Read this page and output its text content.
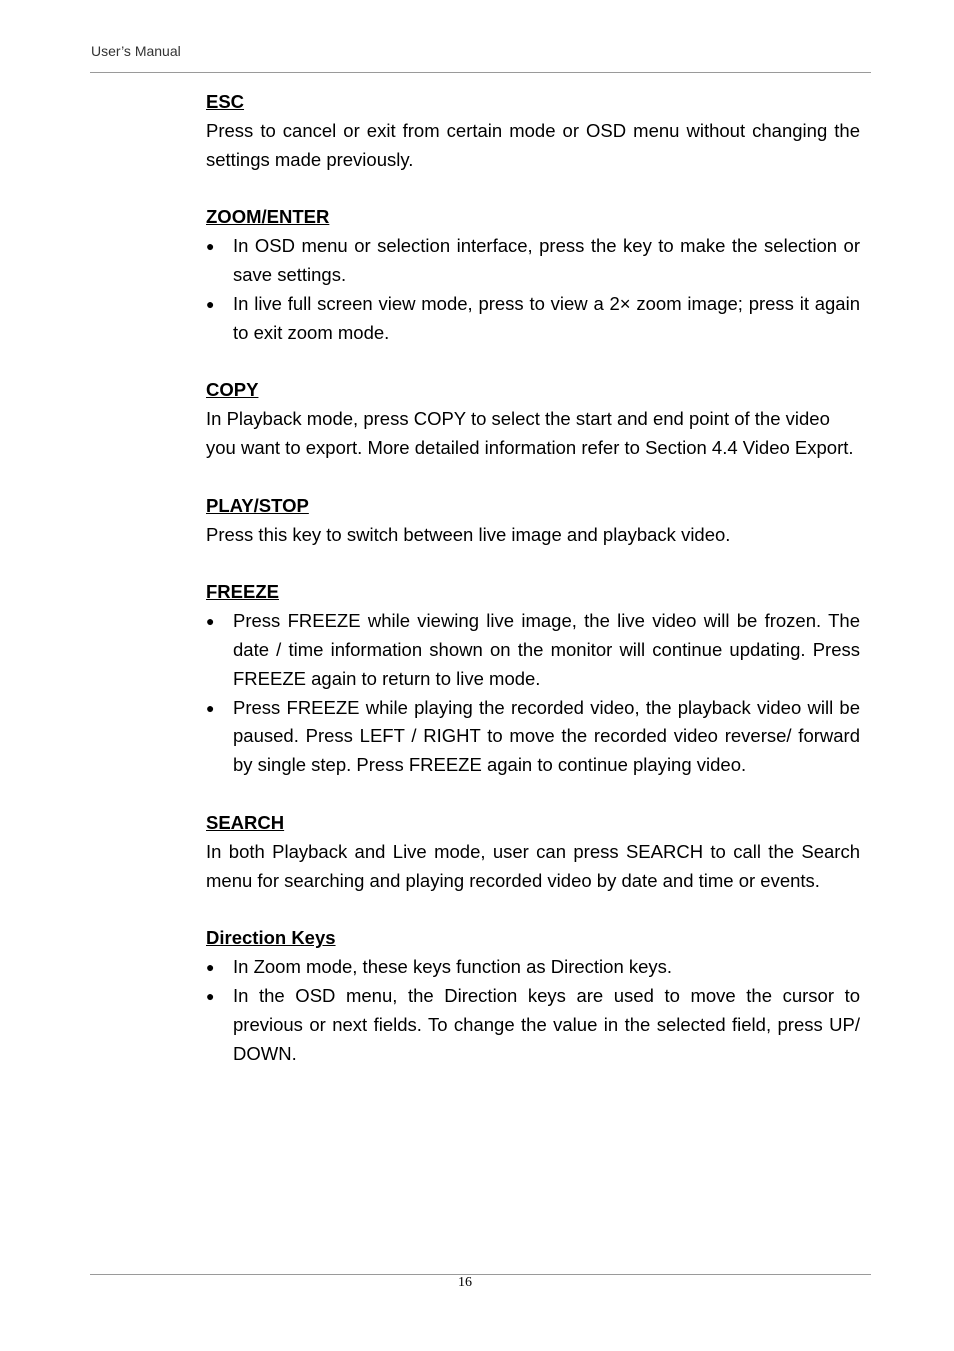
User’s Manual
ESC

Press to cancel or exit from certain mode or OSD menu without changing the settings made previously.

ZOOM/ENTER
● In OSD menu or selection interface, press the key to make the selection or save settings.
● In live full screen view mode, press to view a 2× zoom image; press it again to exit zoom mode.
COPY

In Playback mode, press COPY to select the start and end point of the video you want to export. More detailed information refer to Section 4.4 Video Export.

PLAY/STOP

Press this key to switch between live image and playback video.

FREEZE
● Press FREEZE while viewing live image, the live video will be frozen. The date / time information shown on the monitor will continue updating. Press FREEZE again to return to live mode.
● Press FREEZE while playing the recorded video, the playback video will be paused. Press LEFT / RIGHT to move the recorded video reverse/ forward by single step. Press FREEZE again to continue playing video.
SEARCH

In both Playback and Live mode, user can press SEARCH to call the Search menu for searching and playing recorded video by date and time or events.

Direction Keys
● In Zoom mode, these keys function as Direction keys.
● In the OSD menu, the Direction keys are used to move the cursor to previous or next fields. To change the value in the selected field, press UP/ DOWN.
16
